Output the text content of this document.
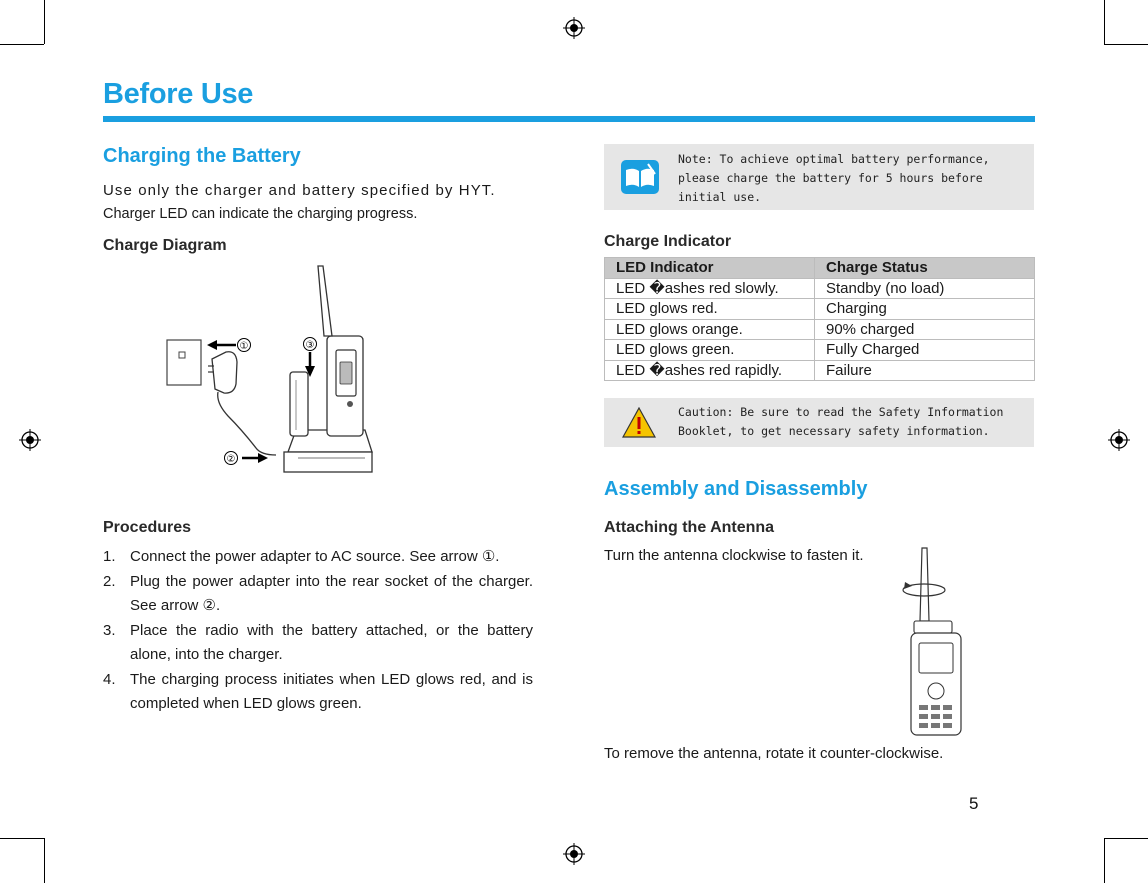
Before Use
Charging the Battery
Use only the charger and battery specified by HYT.
Charger LED can indicate the charging progress.
Charge Diagram
①
②
③
Procedures
1. Connect the power adapter to AC source. See arrow ①.
2. Plug the power adapter into the rear socket of the charger. See arrow ②.
3. Place the radio with the battery attached, or the battery alone, into the charger.
4. The charging process initiates when LED glows red, and is completed when LED glows green.
Note: To achieve optimal battery performance, please charge the battery for 5 hours before initial use.
Charge Indicator
LED Indicator	Charge Status
LED �ashes red slowly.	Standby (no load)
LED glows red.	Charging
LED glows orange.	90% charged
LED glows green.	Fully Charged
LED �ashes red rapidly.	Failure
Caution: Be sure to read the Safety Information Booklet, to get necessary safety information.
Assembly and Disassembly
Attaching the Antenna
Turn the antenna clockwise to fasten it.
To remove the antenna, rotate it counter-clockwise.
5
